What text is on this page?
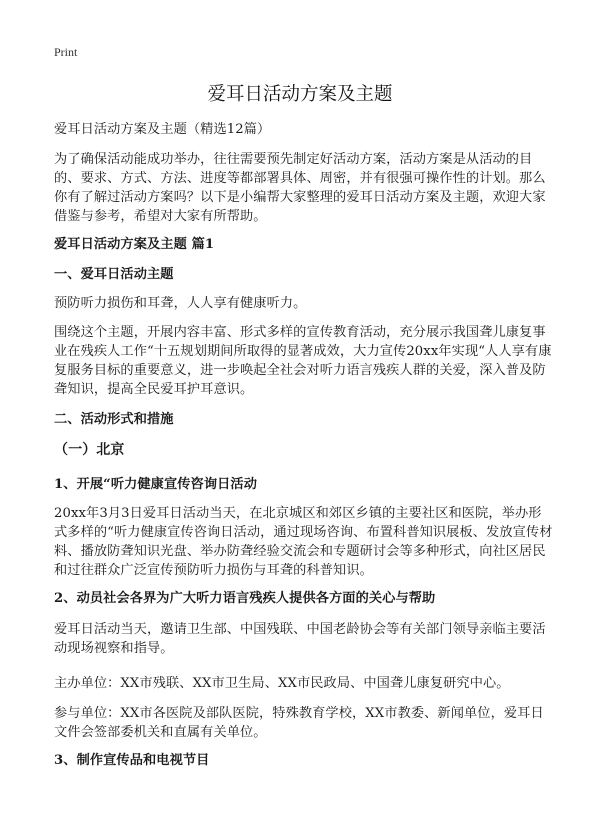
Print
爱耳日活动方案及主题

爱耳日活动方案及主题（精选12篇）

为了确保活动能成功举办，往往需要预先制定好活动方案，活动方案是从活动的目的、要求、方式、方法、进度等都部署具体、周密，并有很强可操作性的计划。那么你有了解过活动方案吗？以下是小编帮大家整理的爱耳日活动方案及主题，欢迎大家借鉴与参考，希望对大家有所帮助。

爱耳日活动方案及主题 篇1

一、爱耳日活动主题

预防听力损伤和耳聋，人人享有健康听力。

围绕这个主题，开展内容丰富、形式多样的宣传教育活动，充分展示我国聋儿康复事业在残疾人工作“十五规划期间所取得的显著成效，大力宣传20xx年实现“人人享有康复服务目标的重要意义，进一步唤起全社会对听力语言残疾人群的关爱，深入普及防聋知识，提高全民爱耳护耳意识。

二、活动形式和措施

（一）北京

1、开展“听力健康宣传咨询日活动

20xx年3月3日爱耳日活动当天，在北京城区和郊区乡镇的主要社区和医院，举办形式多样的“听力健康宣传咨询日活动，通过现场咨询、布置科普知识展板、发放宣传材料、播放防聋知识光盘、举办防聋经验交流会和专题研讨会等多种形式，向社区居民和过往群众广泛宣传预防听力损伤与耳聋的科普知识。

2、动员社会各界为广大听力语言残疾人提供各方面的关心与帮助

爱耳日活动当天，邀请卫生部、中国残联、中国老龄协会等有关部门领导亲临主要活动现场视察和指导。

主办单位：XX市残联、XX市卫生局、XX市民政局、中国聋儿康复研究中心。

参与单位：XX市各医院及部队医院，特殊教育学校，XX市教委、新闻单位，爱耳日文件会签部委机关和直属有关单位。

3、制作宣传品和电视节目
